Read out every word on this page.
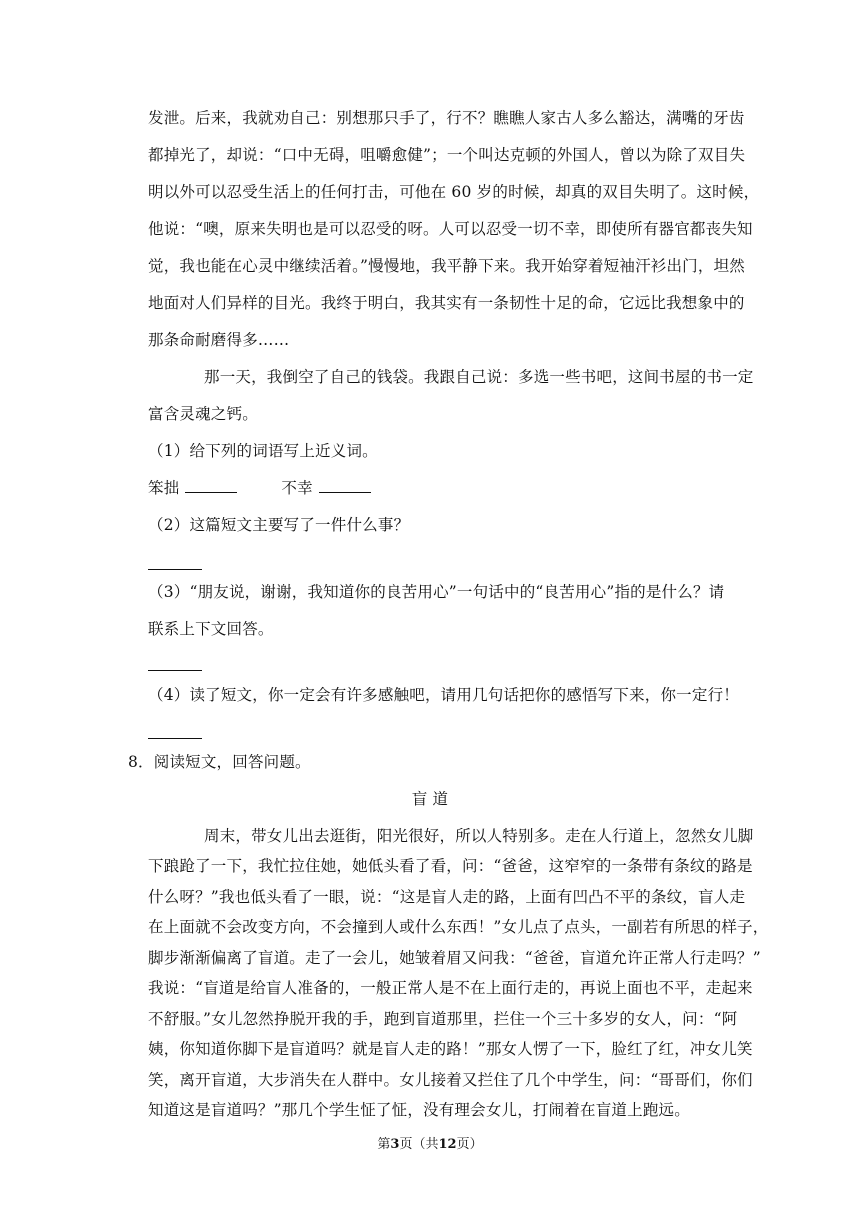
发泄。后来，我就劝自己：别想那只手了，行不？瞧瞧人家古人多么豁达，满嘴的牙齿
都掉光了，却说：“口中无碍，咀嚼愈健”；一个叫达克顿的外国人，曾以为除了双目失
明以外可以忍受生活上的任何打击，可他在 60 岁的时候，却真的双目失明了。这时候，
他说：“噢，原来失明也是可以忍受的呀。人可以忍受一切不幸，即使所有器官都丧失知
觉，我也能在心灵中继续活着。”慢慢地，我平静下来。我开始穿着短袖汗衫出门，坦然
地面对人们异样的目光。我终于明白，我其实有一条韧性十足的命，它远比我想象中的
那条命耐磨得多……
那一天，我倒空了自己的钱袋。我跟自己说：多选一些书吧，这间书屋的书一定
富含灵魂之钙。
（1）给下列的词语写上近义词。
笨拙	不幸
（2）这篇短文主要写了一件什么事？
（3）“朋友说，谢谢，我知道你的良苦用心”一句话中的“良苦用心”指的是什么？请
联系上下文回答。
（4）读了短文，你一定会有许多感触吧，请用几句话把你的感悟写下来，你一定行！
8．阅读短文，回答问题。
盲 道
周末，带女儿出去逛街，阳光很好，所以人特别多。走在人行道上，忽然女儿脚
下踉跄了一下，我忙拉住她，她低头看了看，问：“爸爸，这窄窄的一条带有条纹的路是
什么呀？”我也低头看了一眼，说：“这是盲人走的路，上面有凹凸不平的条纹，盲人走
在上面就不会改变方向，不会撞到人或什么东西！”女儿点了点头，一副若有所思的样子，
脚步渐渐偏离了盲道。走了一会儿，她皱着眉又问我：“爸爸，盲道允许正常人行走吗？”
我说：“盲道是给盲人准备的，一般正常人是不在上面行走的，再说上面也不平，走起来
不舒服。”女儿忽然挣脱开我的手，跑到盲道那里，拦住一个三十多岁的女人，问：“阿
姨，你知道你脚下是盲道吗？就是盲人走的路！”那女人愣了一下，脸红了红，冲女儿笑
笑，离开盲道，大步消失在人群中。女儿接着又拦住了几个中学生，问：“哥哥们，你们
第3页（共12页）
知道这是盲道吗？”那几个学生怔了怔，没有理会女儿，打闹着在盲道上跑远。
